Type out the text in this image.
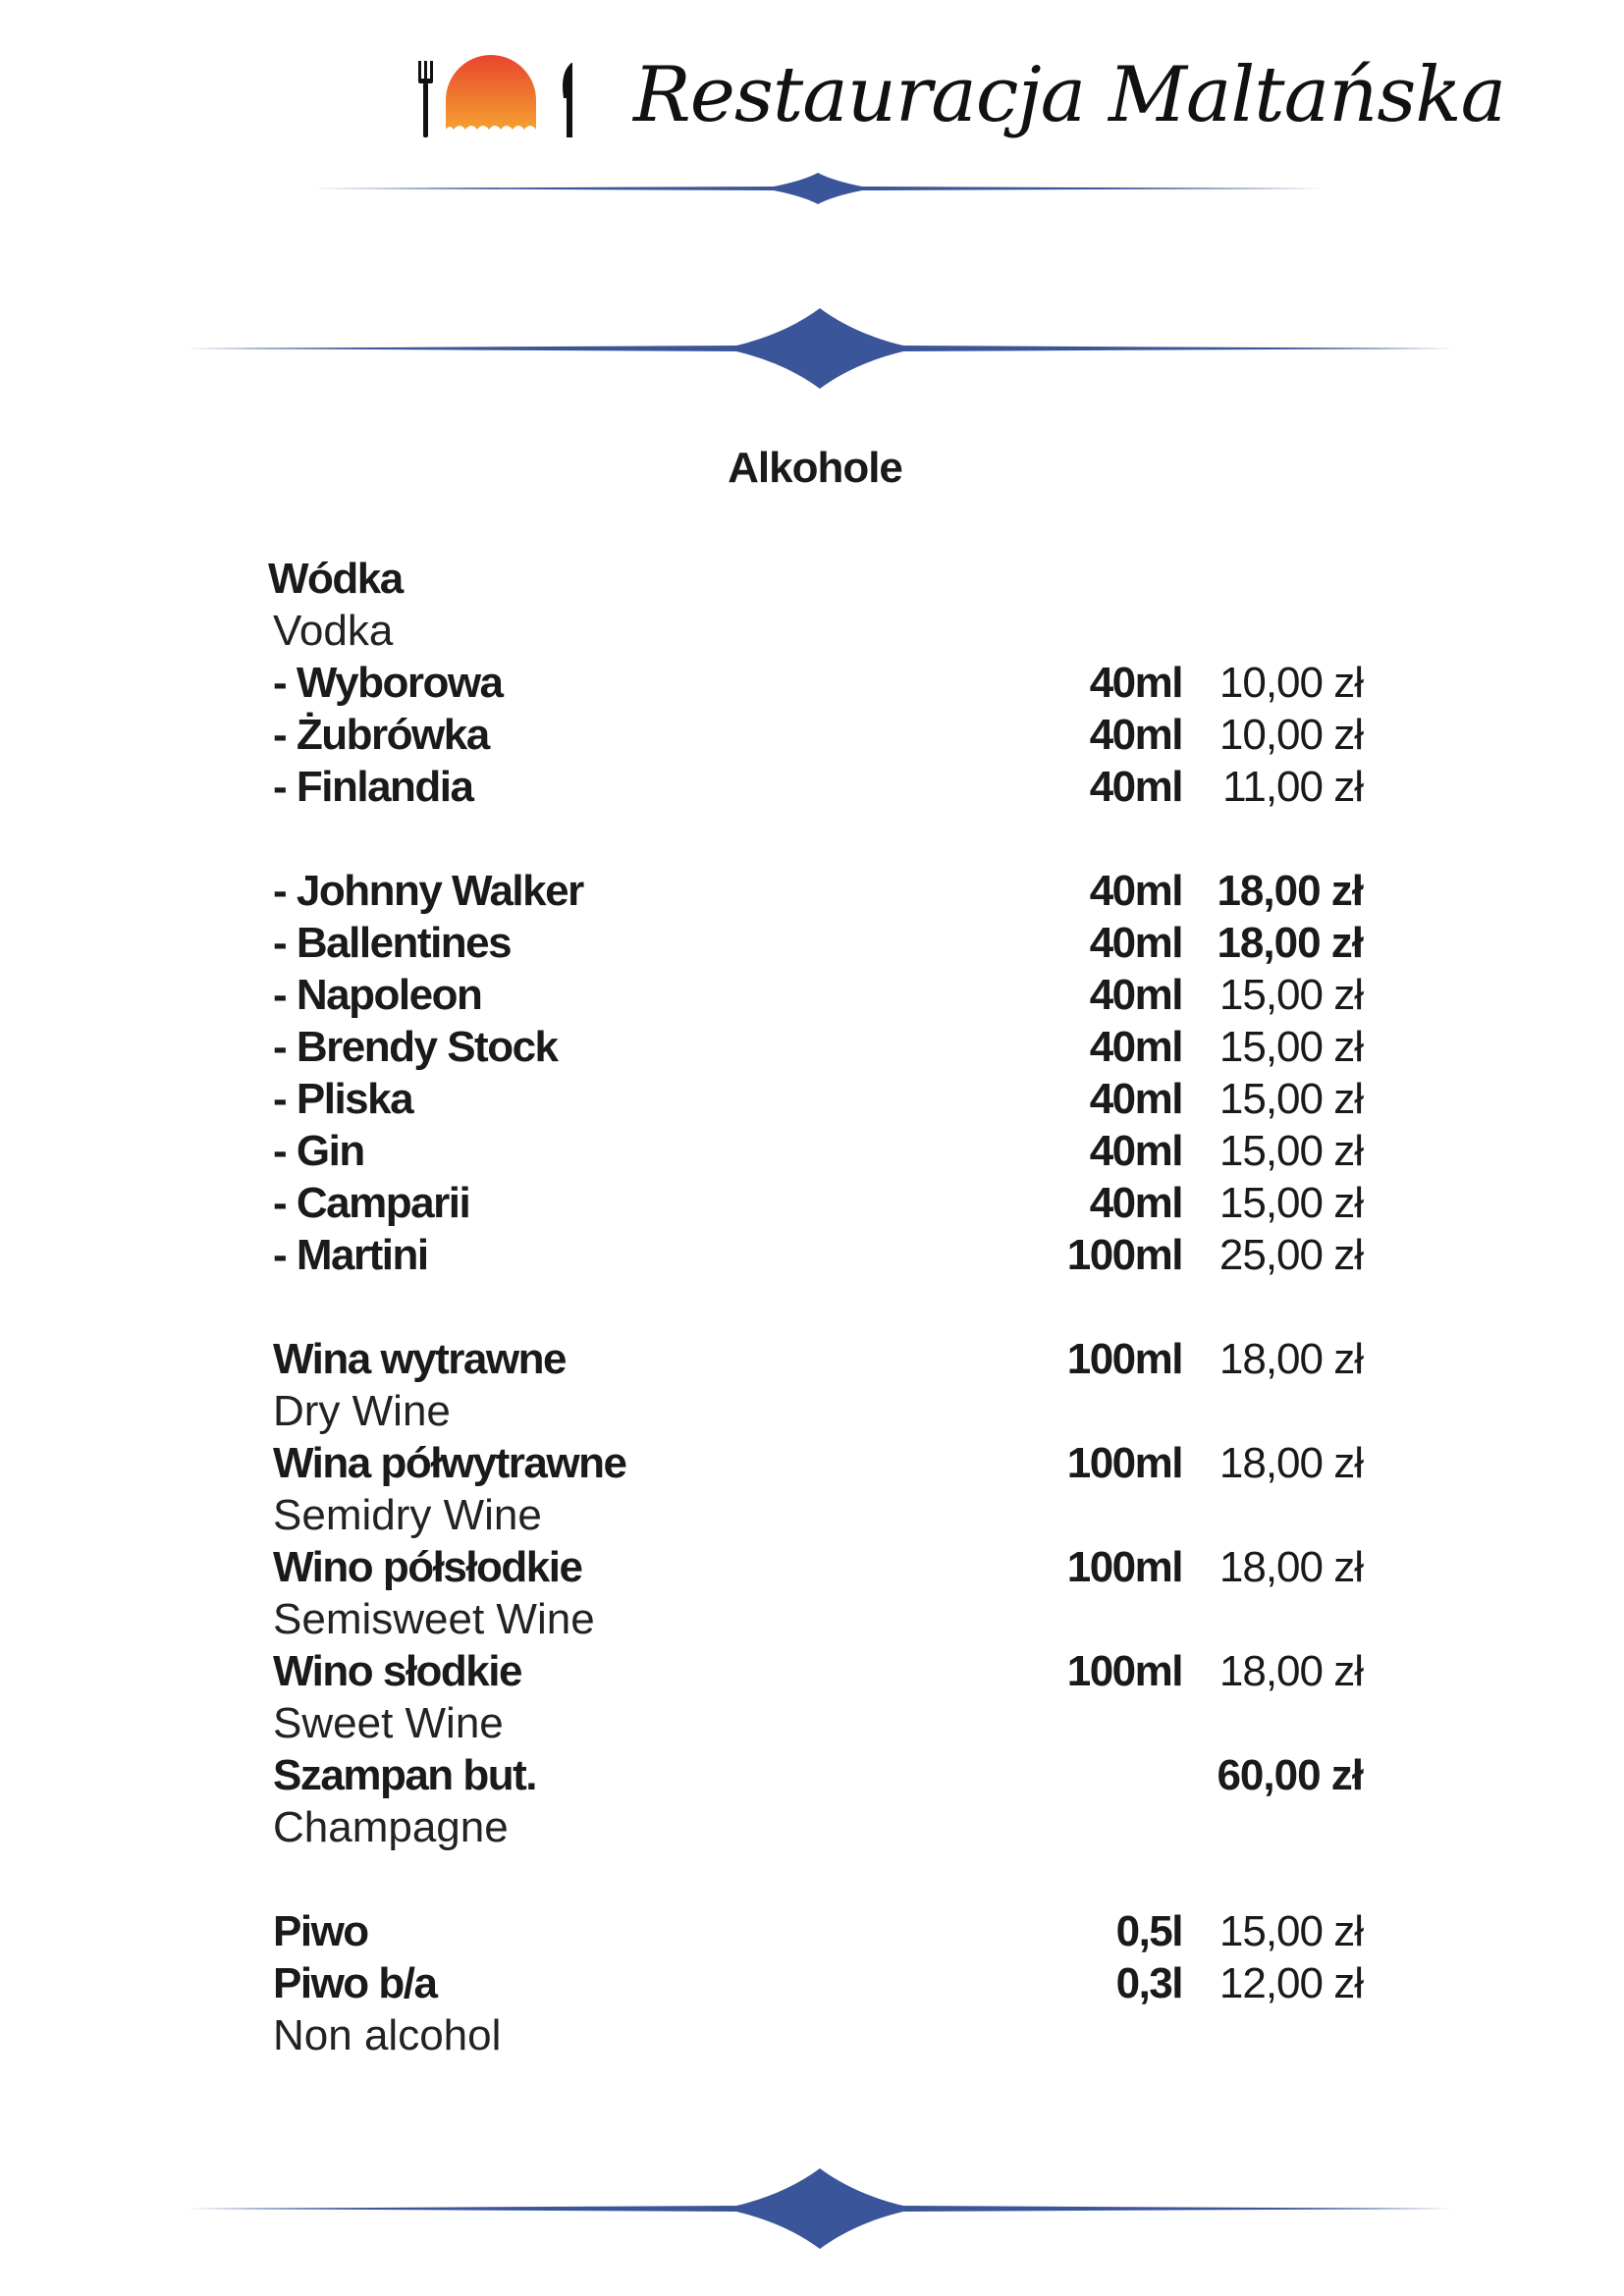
Restauracja Maltańska
Alkohole
Wódka
Vodka
- Wyborowa	40ml 10,00 zł
- Żubrówka	40ml 10,00 zł
- Finlandia	40ml 11,00 zł
- Johnny Walker	40ml 18,00 zł
- Ballentines	40ml 18,00 zł
- Napoleon	40ml 15,00 zł
- Brendy Stock	40ml 15,00 zł
- Pliska	40ml 15,00 zł
- Gin	40ml 15,00 zł
- Camparii	40ml 15,00 zł
- Martini	100ml 25,00 zł
Wina wytrawne	100ml 18,00 zł
Dry Wine
Wina półwytrawne	100ml 18,00 zł
Semidry Wine
Wino półsłodkie	100ml 18,00 zł
Semisweet Wine
Wino słodkie	100ml 18,00 zł
Sweet Wine
Szampan but.	60,00 zł
Champagne
Piwo	0,5l 15,00 zł
Piwo b/a	0,3l 12,00 zł
Non alcohol
